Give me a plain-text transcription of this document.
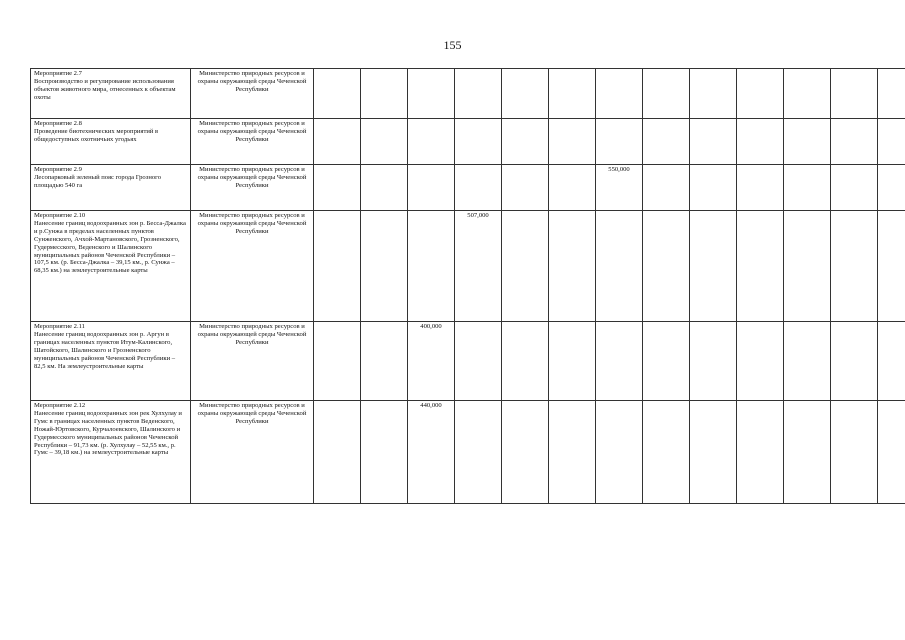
155
Мероприятие 2.7
Воспроизводство и регулирование использования объектов животного мира, отнесенных к объектам охоты	Министерство природных ресурсов и охраны окружающей среды Чеченской Республики													

Мероприятие 2.8
Проведение биотехнических мероприятий в общедоступных охотничьих угодьях	Министерство природных ресурсов и охраны окружающей среды Чеченской Республики													

Мероприятие 2.9
Лесопарковый зеленый пояс города Грозного площадью 540 га	Министерство природных ресурсов и охраны окружающей среды Чеченской Республики							550,000						

Мероприятие 2.10
Нанесение границ водоохранных зон р. Бесса-Джалка и р.Сунжа в пределах населенных пунктов Сунженского, Ачхой-Мартановского, Грозненского, Гудермесского, Веденского и Шалинского муниципальных районов Чеченской Республики – 107,5 км. (р. Бесса-Джалка – 39,15 км., р. Сунжа – 68,35 км.) на землеустроительные карты	Министерство природных ресурсов и охраны окружающей среды Чеченской Республики				507,000									

Мероприятие 2.11
Нанесение границ водоохранных зон р. Аргун в границах населенных пунктов Итум-Калинского, Шатойского, Шалинского и Грозненского муниципальных районов Чеченской Республики – 82,5 км. На землеустроительные карты	Министерство природных ресурсов и охраны окружающей среды Чеченской Республики			400,000										

Мероприятие 2.12
Нанесение границ водоохранных зон рек Хулхулау и Гумс в границах населенных пунктов Веденского, Ножай-Юртовского, Курчалоевского, Шалинского и Гудермесского муниципальных районов Чеченской Республики – 91,73 км. (р. Хулхулау – 52,55 км., р. Гумс – 39,18 км.) на землеустроительные карты	Министерство природных ресурсов и охраны окружающей среды Чеченской Республики			440,000										
